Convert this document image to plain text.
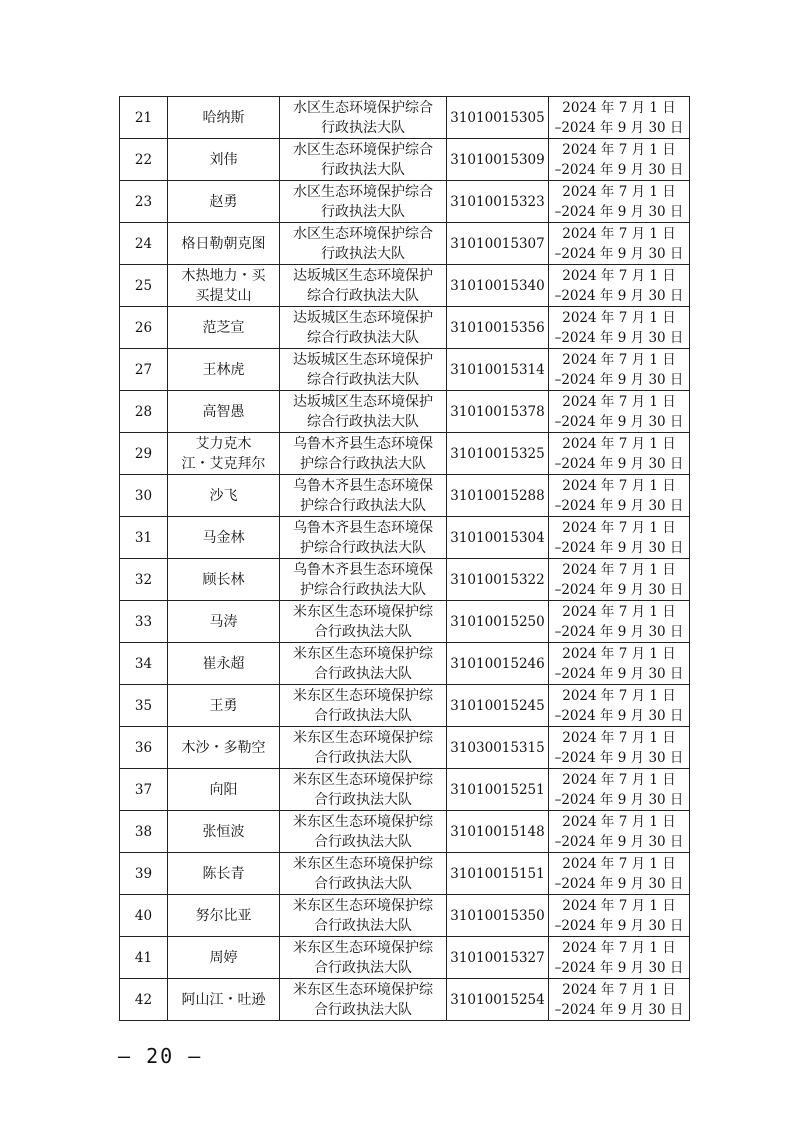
21	哈纳斯	水区生态环境保护综合
行政执法大队	31010015305	2024 年 7 月 1 日
–2024 年 9 月 30 日

22	刘伟	水区生态环境保护综合
行政执法大队	31010015309	2024 年 7 月 1 日
–2024 年 9 月 30 日

23	赵勇	水区生态环境保护综合
行政执法大队	31010015323	2024 年 7 月 1 日
–2024 年 9 月 30 日

24	格日勒朝克图	水区生态环境保护综合
行政执法大队	31010015307	2024 年 7 月 1 日
–2024 年 9 月 30 日

25	木热地力・买
买提艾山	达坂城区生态环境保护
综合行政执法大队	31010015340	2024 年 7 月 1 日
–2024 年 9 月 30 日

26	范芝宣	达坂城区生态环境保护
综合行政执法大队	31010015356	2024 年 7 月 1 日
–2024 年 9 月 30 日

27	王林虎	达坂城区生态环境保护
综合行政执法大队	31010015314	2024 年 7 月 1 日
–2024 年 9 月 30 日

28	高智愚	达坂城区生态环境保护
综合行政执法大队	31010015378	2024 年 7 月 1 日
–2024 年 9 月 30 日

29	艾力克木
江・艾克拜尔	乌鲁木齐县生态环境保
护综合行政执法大队	31010015325	2024 年 7 月 1 日
–2024 年 9 月 30 日

30	沙飞	乌鲁木齐县生态环境保
护综合行政执法大队	31010015288	2024 年 7 月 1 日
–2024 年 9 月 30 日

31	马金林	乌鲁木齐县生态环境保
护综合行政执法大队	31010015304	2024 年 7 月 1 日
–2024 年 9 月 30 日

32	顾长林	乌鲁木齐县生态环境保
护综合行政执法大队	31010015322	2024 年 7 月 1 日
–2024 年 9 月 30 日

33	马涛	米东区生态环境保护综
合行政执法大队	31010015250	2024 年 7 月 1 日
–2024 年 9 月 30 日

34	崔永超	米东区生态环境保护综
合行政执法大队	31010015246	2024 年 7 月 1 日
–2024 年 9 月 30 日

35	王勇	米东区生态环境保护综
合行政执法大队	31010015245	2024 年 7 月 1 日
–2024 年 9 月 30 日

36	木沙・多勒空	米东区生态环境保护综
合行政执法大队	31030015315	2024 年 7 月 1 日
–2024 年 9 月 30 日

37	向阳	米东区生态环境保护综
合行政执法大队	31010015251	2024 年 7 月 1 日
–2024 年 9 月 30 日

38	张恒波	米东区生态环境保护综
合行政执法大队	31010015148	2024 年 7 月 1 日
–2024 年 9 月 30 日

39	陈长青	米东区生态环境保护综
合行政执法大队	31010015151	2024 年 7 月 1 日
–2024 年 9 月 30 日

40	努尔比亚	米东区生态环境保护综
合行政执法大队	31010015350	2024 年 7 月 1 日
–2024 年 9 月 30 日

41	周婷	米东区生态环境保护综
合行政执法大队	31010015327	2024 年 7 月 1 日
–2024 年 9 月 30 日

42	阿山江・吐逊	米东区生态环境保护综
合行政执法大队	31010015254	2024 年 7 月 1 日
–2024 年 9 月 30 日
– 20 –
